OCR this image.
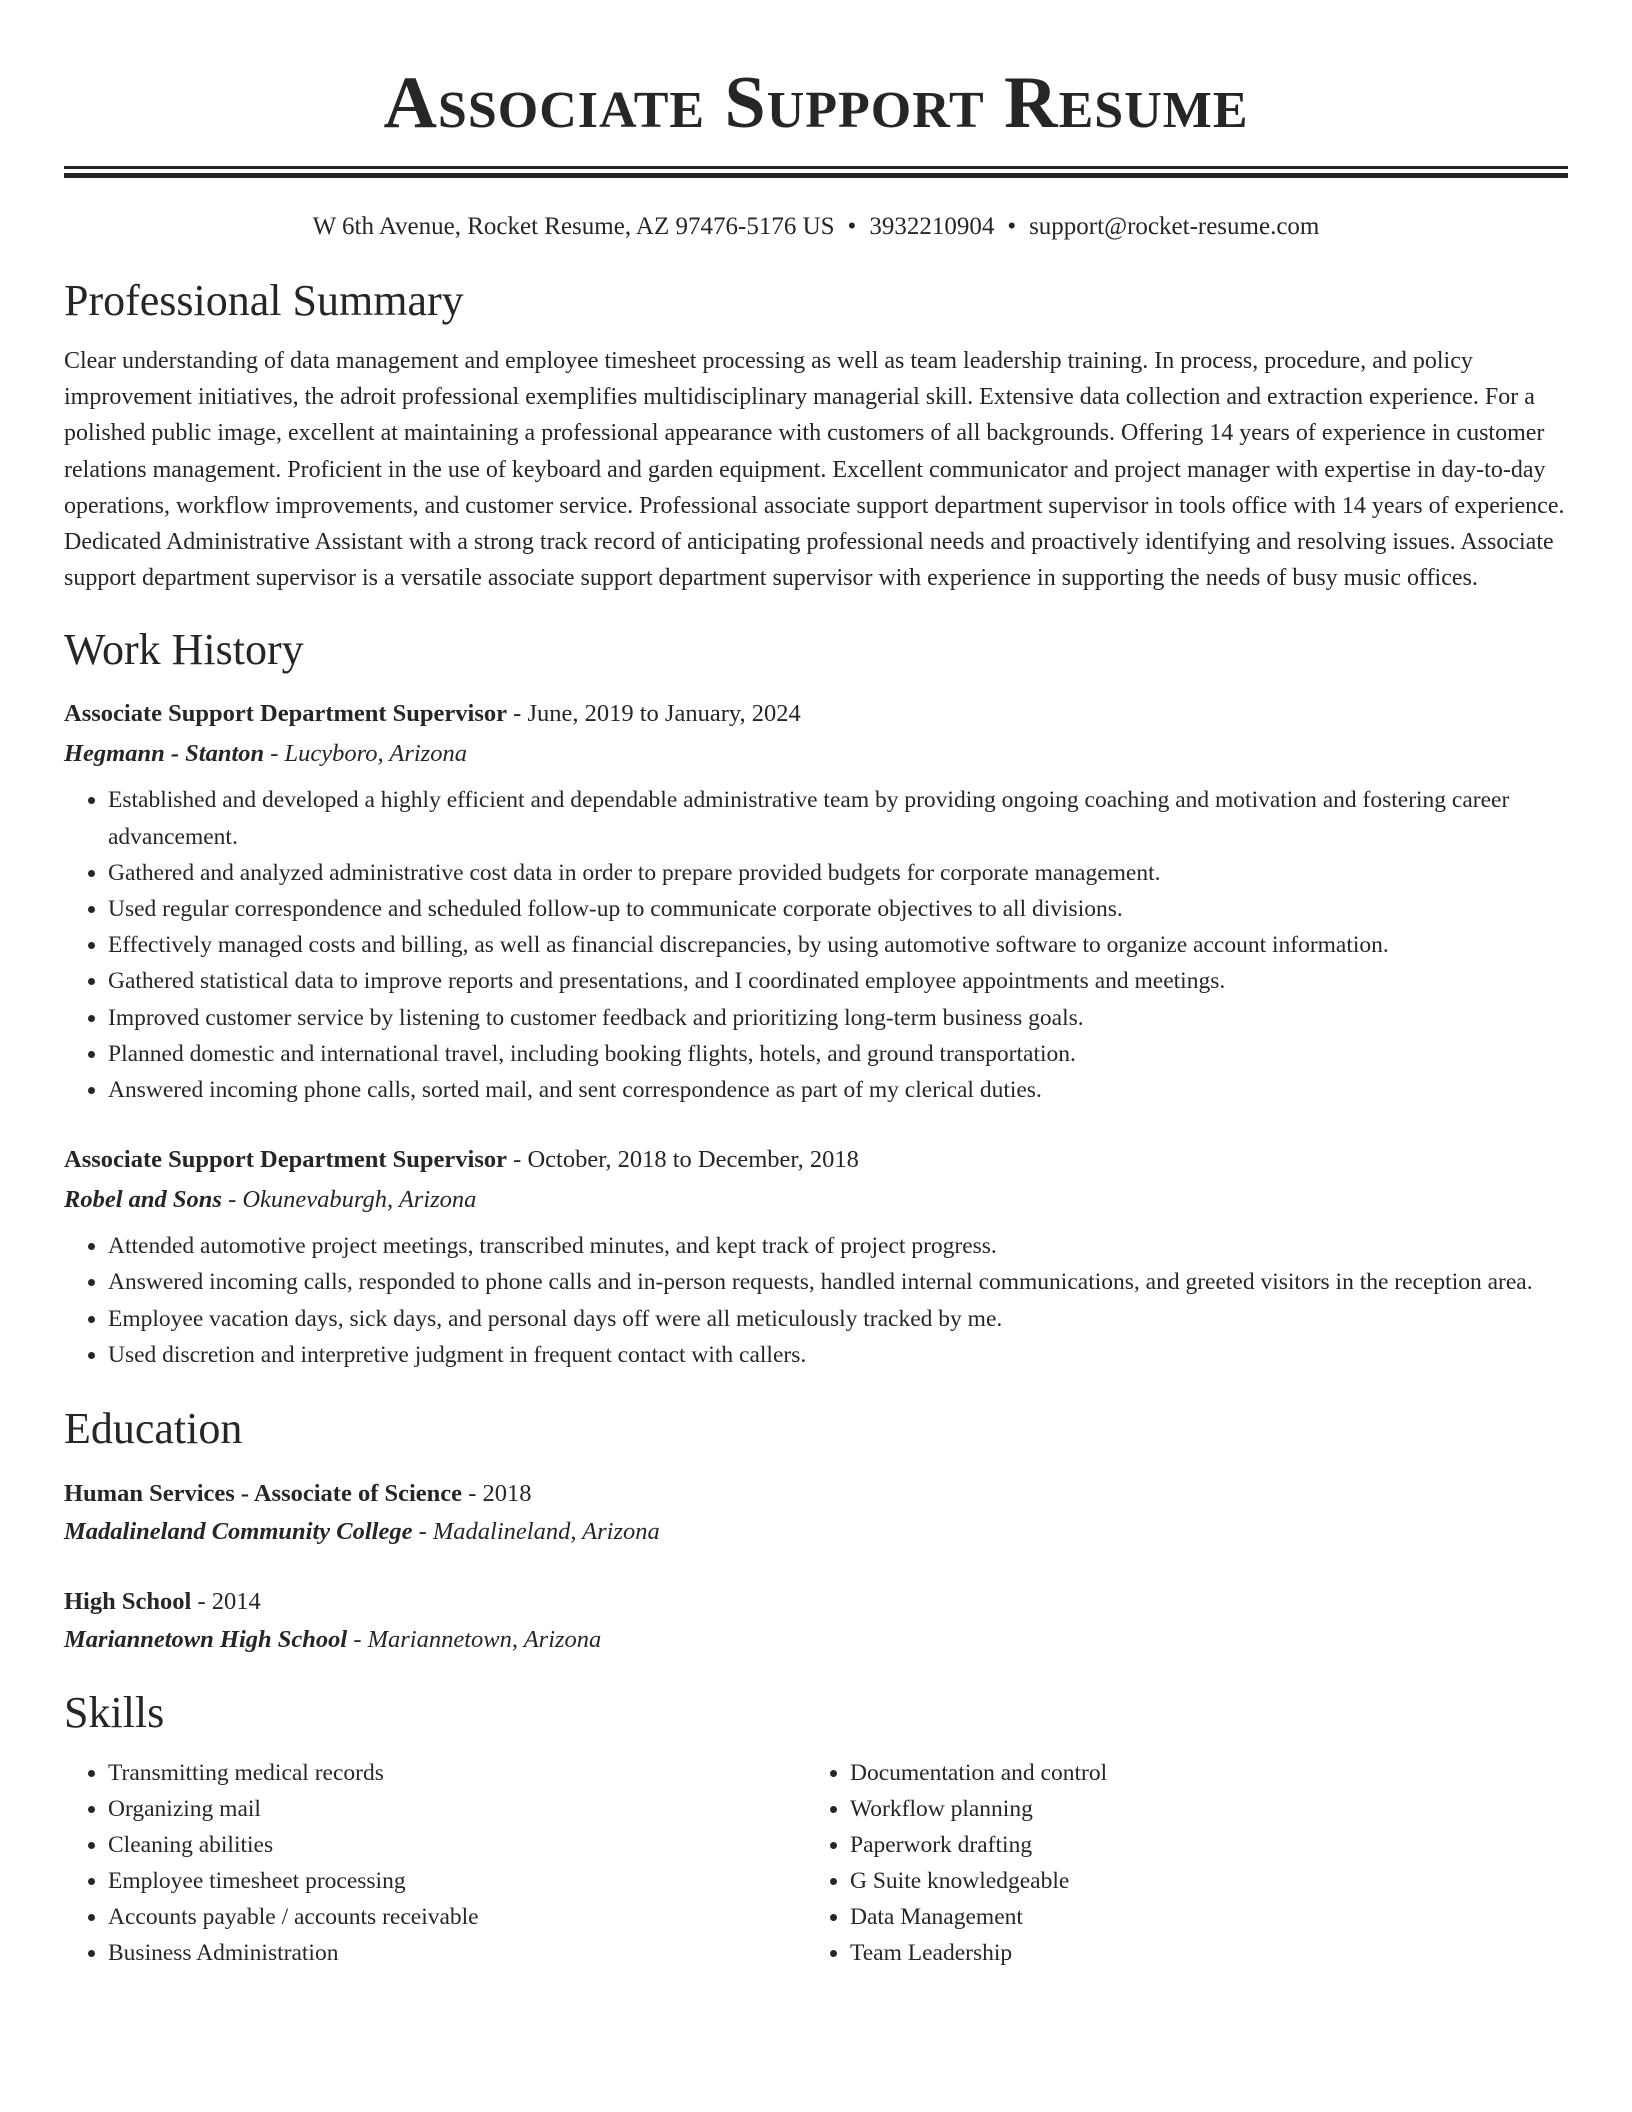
Associate Support Resume
W 6th Avenue, Rocket Resume, AZ 97476-5176 US • 3932210904 • support@rocket-resume.com
Professional Summary
Clear understanding of data management and employee timesheet processing as well as team leadership training. In process, procedure, and policy improvement initiatives, the adroit professional exemplifies multidisciplinary managerial skill. Extensive data collection and extraction experience. For a polished public image, excellent at maintaining a professional appearance with customers of all backgrounds. Offering 14 years of experience in customer relations management. Proficient in the use of keyboard and garden equipment. Excellent communicator and project manager with expertise in day-to-day operations, workflow improvements, and customer service. Professional associate support department supervisor in tools office with 14 years of experience. Dedicated Administrative Assistant with a strong track record of anticipating professional needs and proactively identifying and resolving issues. Associate support department supervisor is a versatile associate support department supervisor with experience in supporting the needs of busy music offices.
Work History
Associate Support Department Supervisor - June, 2019 to January, 2024
Hegmann - Stanton - Lucyboro, Arizona
• Established and developed a highly efficient and dependable administrative team by providing ongoing coaching and motivation and fostering career advancement.
• Gathered and analyzed administrative cost data in order to prepare provided budgets for corporate management.
• Used regular correspondence and scheduled follow-up to communicate corporate objectives to all divisions.
• Effectively managed costs and billing, as well as financial discrepancies, by using automotive software to organize account information.
• Gathered statistical data to improve reports and presentations, and I coordinated employee appointments and meetings.
• Improved customer service by listening to customer feedback and prioritizing long-term business goals.
• Planned domestic and international travel, including booking flights, hotels, and ground transportation.
• Answered incoming phone calls, sorted mail, and sent correspondence as part of my clerical duties.
Associate Support Department Supervisor - October, 2018 to December, 2018
Robel and Sons - Okunevaburgh, Arizona
• Attended automotive project meetings, transcribed minutes, and kept track of project progress.
• Answered incoming calls, responded to phone calls and in-person requests, handled internal communications, and greeted visitors in the reception area.
• Employee vacation days, sick days, and personal days off were all meticulously tracked by me.
• Used discretion and interpretive judgment in frequent contact with callers.
Education
Human Services - Associate of Science - 2018
Madalineland Community College - Madalineland, Arizona
High School - 2014
Mariannetown High School - Mariannetown, Arizona
Skills
• Transmitting medical records
• Organizing mail
• Cleaning abilities
• Employee timesheet processing
• Accounts payable / accounts receivable
• Business Administration
• Documentation and control
• Workflow planning
• Paperwork drafting
• G Suite knowledgeable
• Data Management
• Team Leadership
